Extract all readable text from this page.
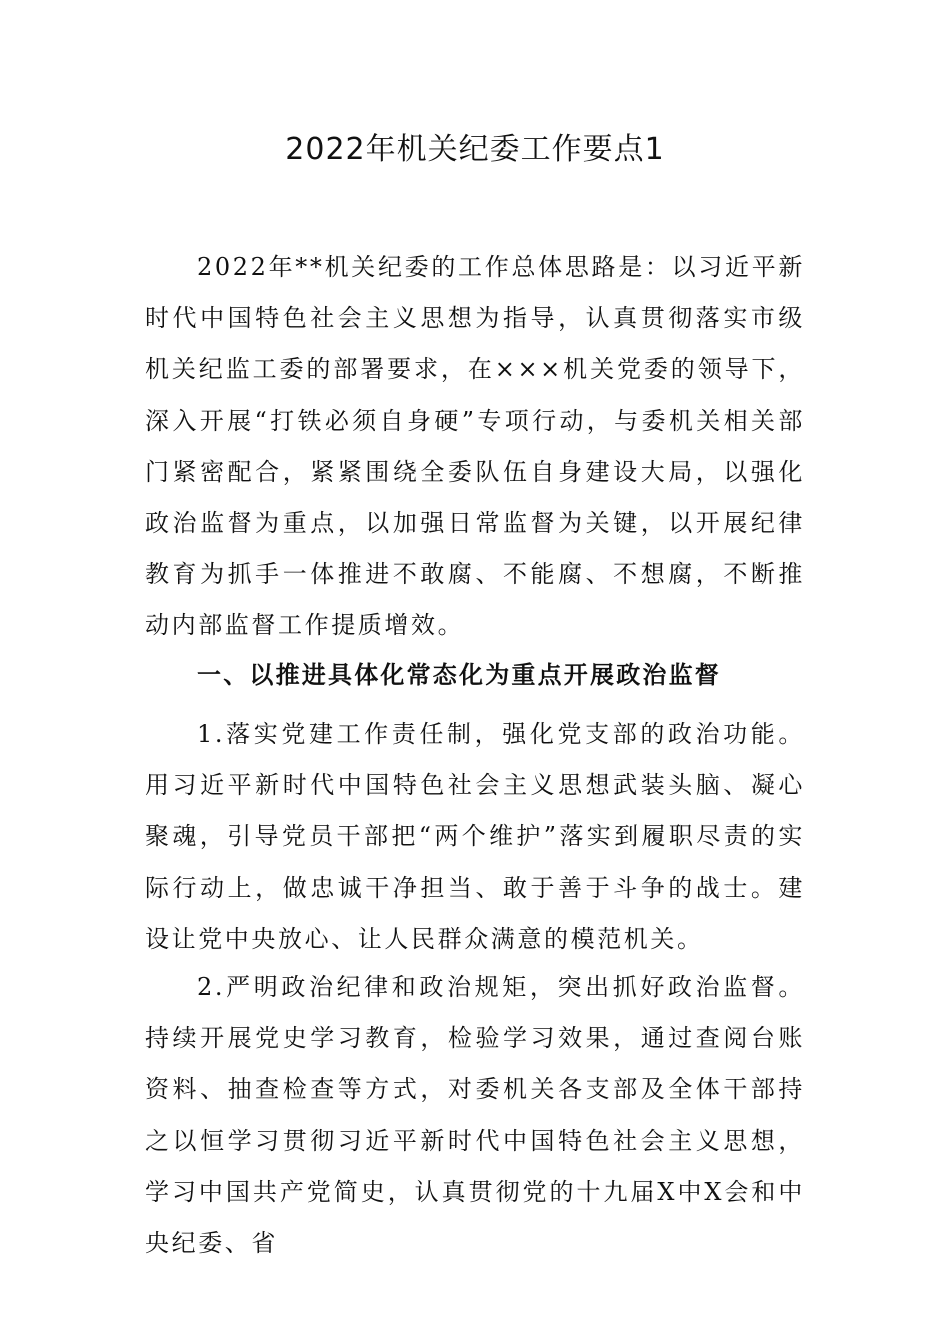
2022年机关纪委工作要点1

2022年**机关纪委的工作总体思路是：以习近平新时代中国特色社会主义思想为指导，认真贯彻落实市级机关纪监工委的部署要求，在×××机关党委的领导下，深入开展“打铁必须自身硬”专项行动，与委机关相关部门紧密配合，紧紧围绕全委队伍自身建设大局，以强化政治监督为重点，以加强日常监督为关键，以开展纪律教育为抓手一体推进不敢腐、不能腐、不想腐，不断推动内部监督工作提质增效。

一、以推进具体化常态化为重点开展政治监督

1.落实党建工作责任制，强化党支部的政治功能。用习近平新时代中国特色社会主义思想武装头脑、凝心聚魂，引导党员干部把“两个维护”落实到履职尽责的实际行动上，做忠诚干净担当、敢于善于斗争的战士。建设让党中央放心、让人民群众满意的模范机关。

2.严明政治纪律和政治规矩，突出抓好政治监督。持续开展党史学习教育，检验学习效果，通过查阅台账资料、抽查检查等方式，对委机关各支部及全体干部持之以恒学习贯彻习近平新时代中国特色社会主义思想，学习中国共产党简史，认真贯彻党的十九届X中X会和中央纪委、省
